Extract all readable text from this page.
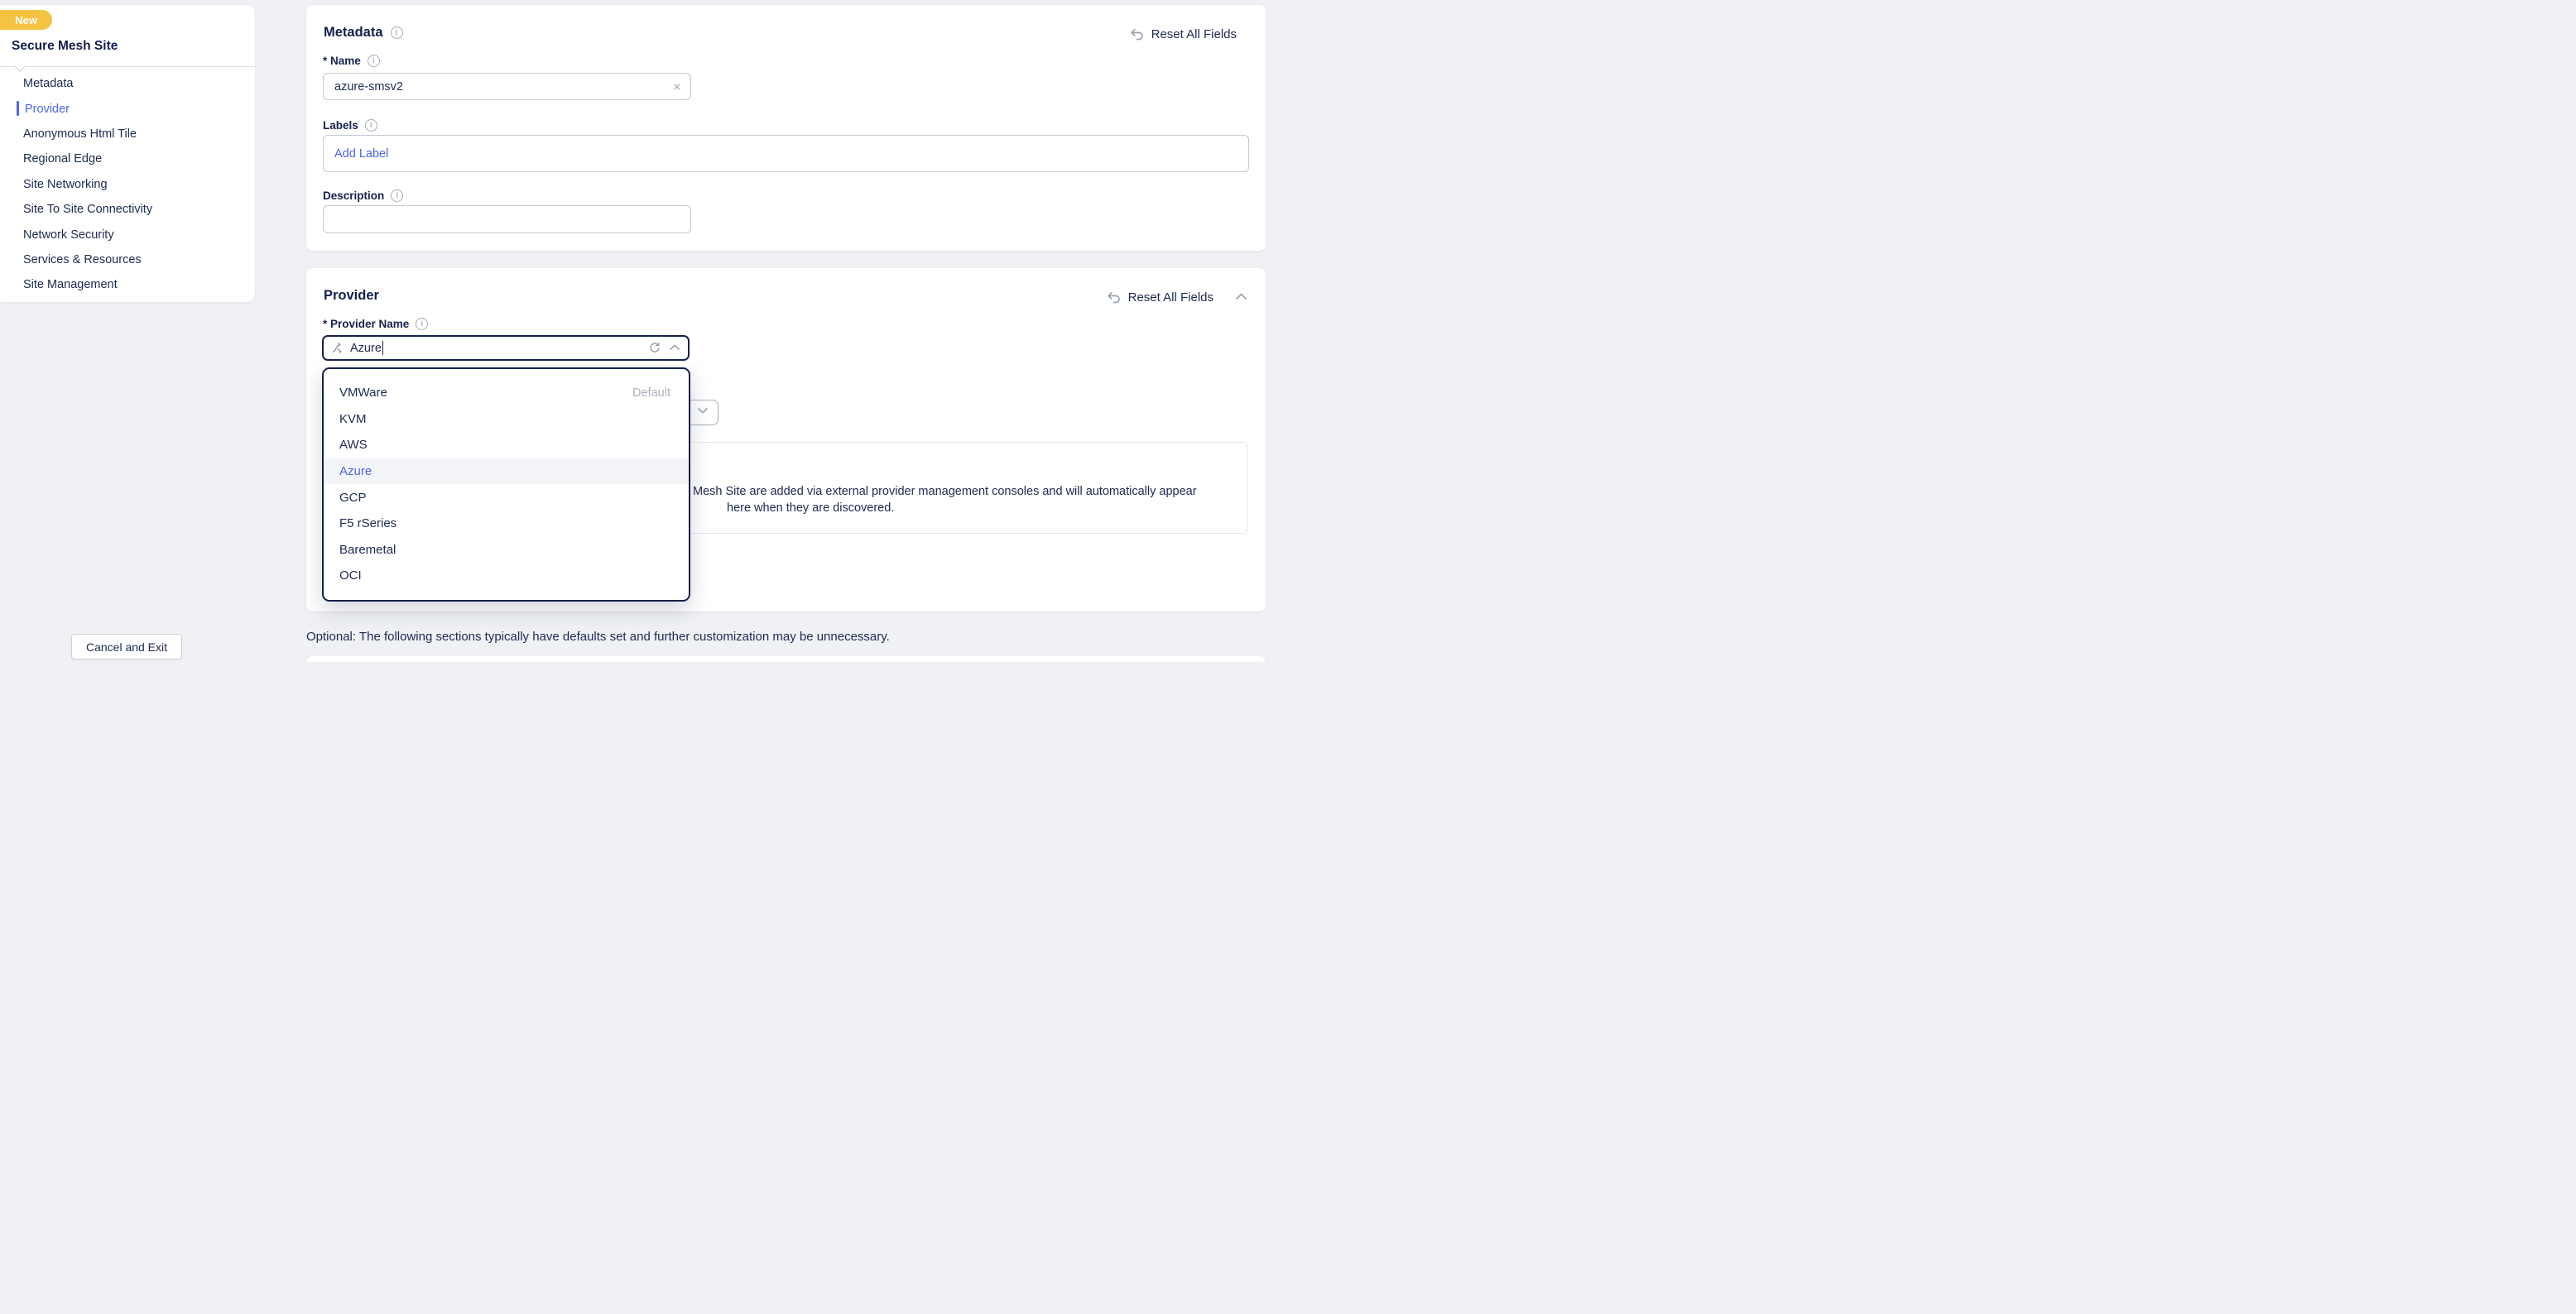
New
Secure Mesh Site
Metadata
Provider
Anonymous Html Tile
Regional Edge
Site Networking
Site To Site Connectivity
Network Security
Services & Resources
Site Management
Cancel and Exit
Metadata	i	Reset All Fields
* Name	i
azure-smsv2	✕
Labels	i
Add Label
Description	i
Provider	Reset All Fields
* Provider Name	i
Azure
Mesh Site are added via external provider management consoles and will automatically appear
here when they are discovered.
VMWare	Default
KVM
AWS
Azure
GCP
F5 rSeries
Baremetal
OCI
Optional: The following sections typically have defaults set and further customization may be unnecessary.
